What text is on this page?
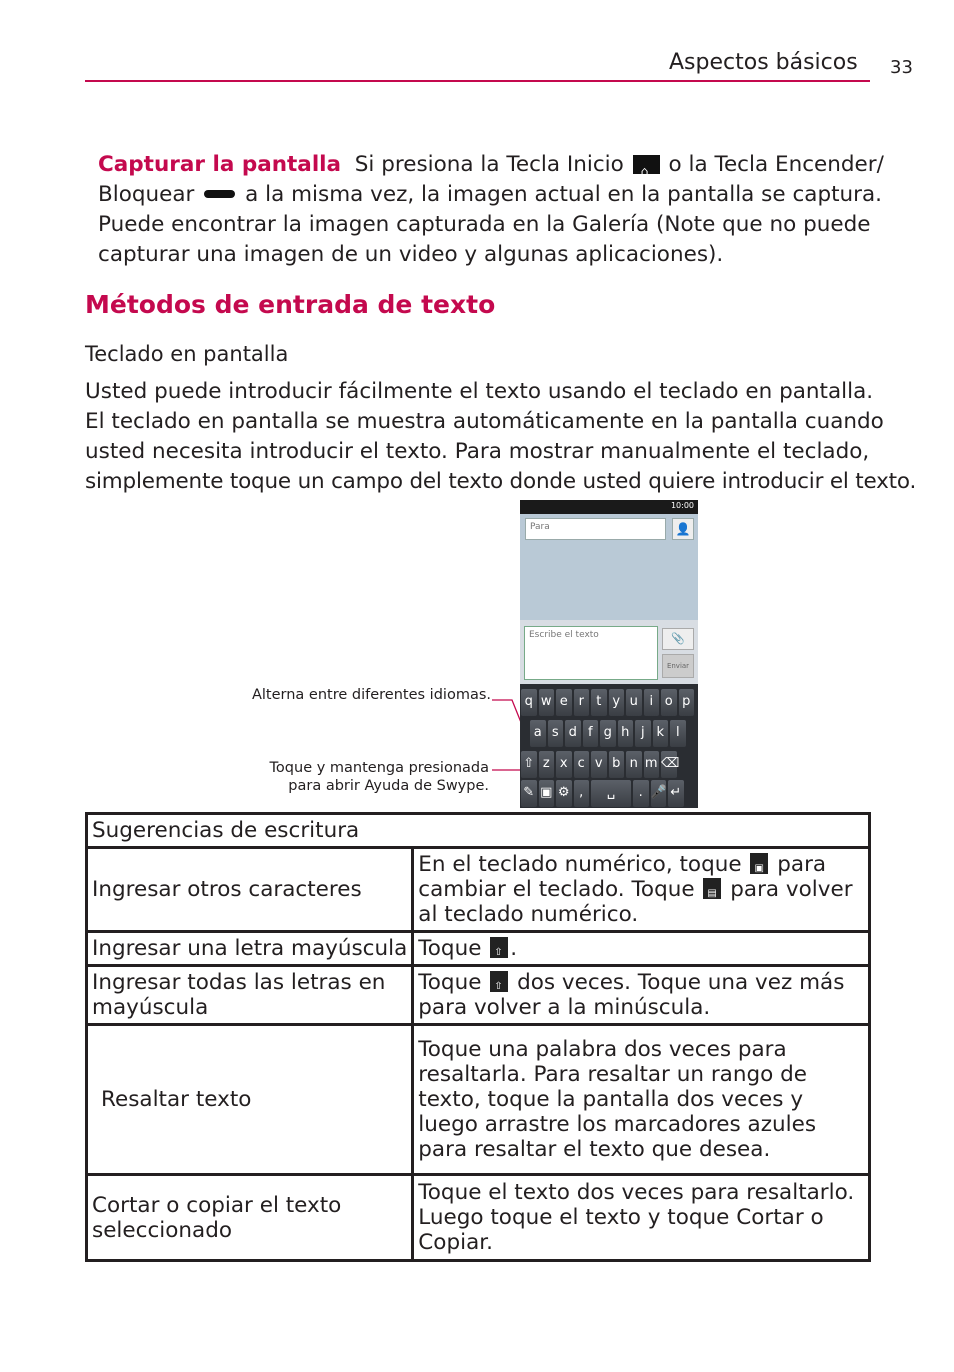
Aspectos básicos 33
Capturar la pantalla Si presiona la Tecla Inicio ⌂ o la Tecla Encender/
Bloquear  a la misma vez, la imagen actual en la pantalla se captura.
Puede encontrar la imagen capturada en la Galería (Note que no puede
capturar una imagen de un video y algunas aplicaciones).
Métodos de entrada de texto
Teclado en pantalla
Usted puede introducir fácilmente el texto usando el teclado en pantalla.
El teclado en pantalla se muestra automáticamente en la pantalla cuando
usted necesita introducir el texto. Para mostrar manualmente el teclado,
simplemente toque un campo del texto donde usted quiere introducir el texto.
Alterna entre diferentes idiomas.
Toque y mantenga presionada
para abrir Ayuda de Swype.
10:00
Para	👤
Escribe el texto	📎
Enviar
q w e r t y u i o p
a s d f g h j k l
⇧ z x c v b n m ⌫
✎ ▣ ⚙ ,	␣	. 🎤 ↵
Sugerencias de escritura	
Ingresar otros caracteres	En el teclado numérico, toque ▣ para cambiar el teclado. Toque ▤ para volver al teclado numérico.
Ingresar una letra mayúscula	Toque ⇧.
Ingresar todas las letras en mayúscula	Toque ⇧ dos veces. Toque una vez más para volver a la minúscula.
Resaltar texto	Toque una palabra dos veces para resaltarla. Para resaltar un rango de texto, toque la pantalla dos veces y luego arrastre los marcadores azules para resaltar el texto que desea.
Cortar o copiar el texto seleccionado	Toque el texto dos veces para resaltarlo. Luego toque el texto y toque Cortar o Copiar.
